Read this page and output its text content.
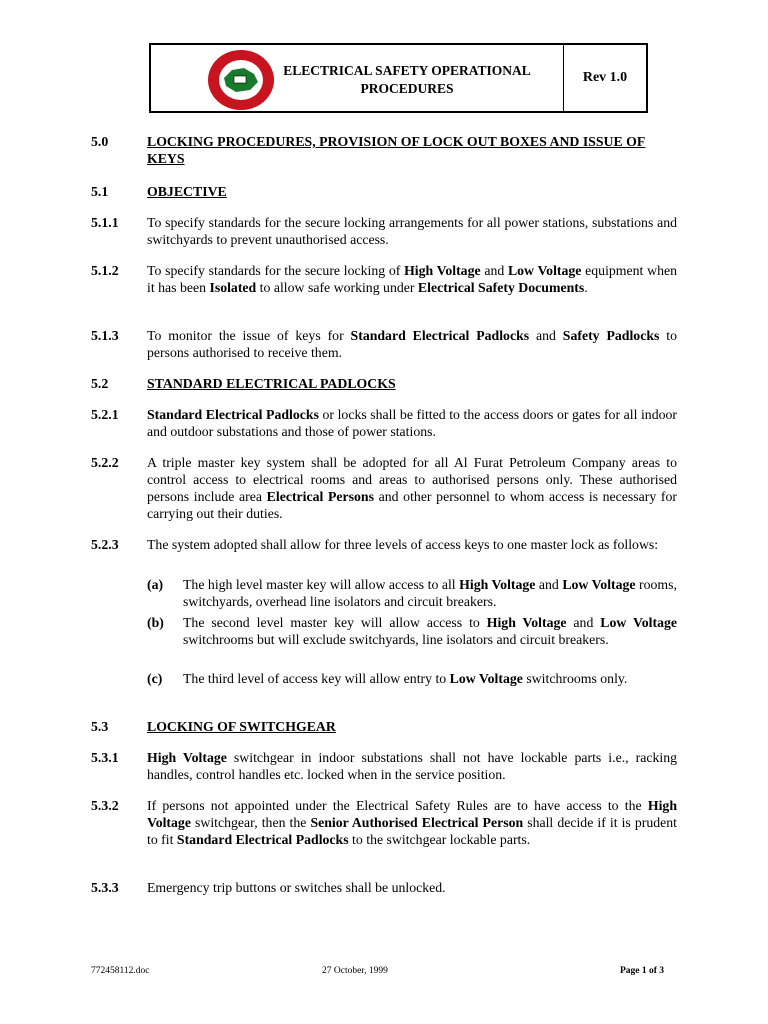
ELECTRICAL SAFETY OPERATIONAL
PROCEDURES
Rev 1.0
5.0	LOCKING PROCEDURES, PROVISION OF LOCK OUT BOXES AND ISSUE OF KEYS
5.1	OBJECTIVE
5.1.1 To specify standards for the secure locking arrangements for all power stations, substations and switchyards to prevent unauthorised access.
5.1.2 To specify standards for the secure locking of High Voltage and Low Voltage equipment when it has been Isolated to allow safe working under Electrical Safety Documents.
5.1.3 To monitor the issue of keys for Standard Electrical Padlocks and Safety Padlocks to persons authorised to receive them.
5.2	STANDARD ELECTRICAL PADLOCKS
5.2.1 Standard Electrical Padlocks or locks shall be fitted to the access doors or gates for all indoor and outdoor substations and those of power stations.
5.2.2 A triple master key system shall be adopted for all Al Furat Petroleum Company areas to control access to electrical rooms and areas to authorised persons only. These authorised persons include area Electrical Persons and other personnel to whom access is necessary for carrying out their duties.
5.2.3 The system adopted shall allow for three levels of access keys to one master lock as follows:
(a) The high level master key will allow access to all High Voltage and Low Voltage rooms, switchyards, overhead line isolators and circuit breakers.
(b) The second level master key will allow access to High Voltage and Low Voltage switchrooms but will exclude switchyards, line isolators and circuit breakers.
(c) The third level of access key will allow entry to Low Voltage switchrooms only.
5.3	LOCKING OF SWITCHGEAR
5.3.1 High Voltage switchgear in indoor substations shall not have lockable parts i.e., racking handles, control handles etc. locked when in the service position.
5.3.2 If persons not appointed under the Electrical Safety Rules are to have access to the High Voltage switchgear, then the Senior Authorised Electrical Person shall decide if it is prudent to fit Standard Electrical Padlocks to the switchgear lockable parts.
5.3.3 Emergency trip buttons or switches shall be unlocked.
772458112.doc	27 October, 1999	Page 1 of 3
